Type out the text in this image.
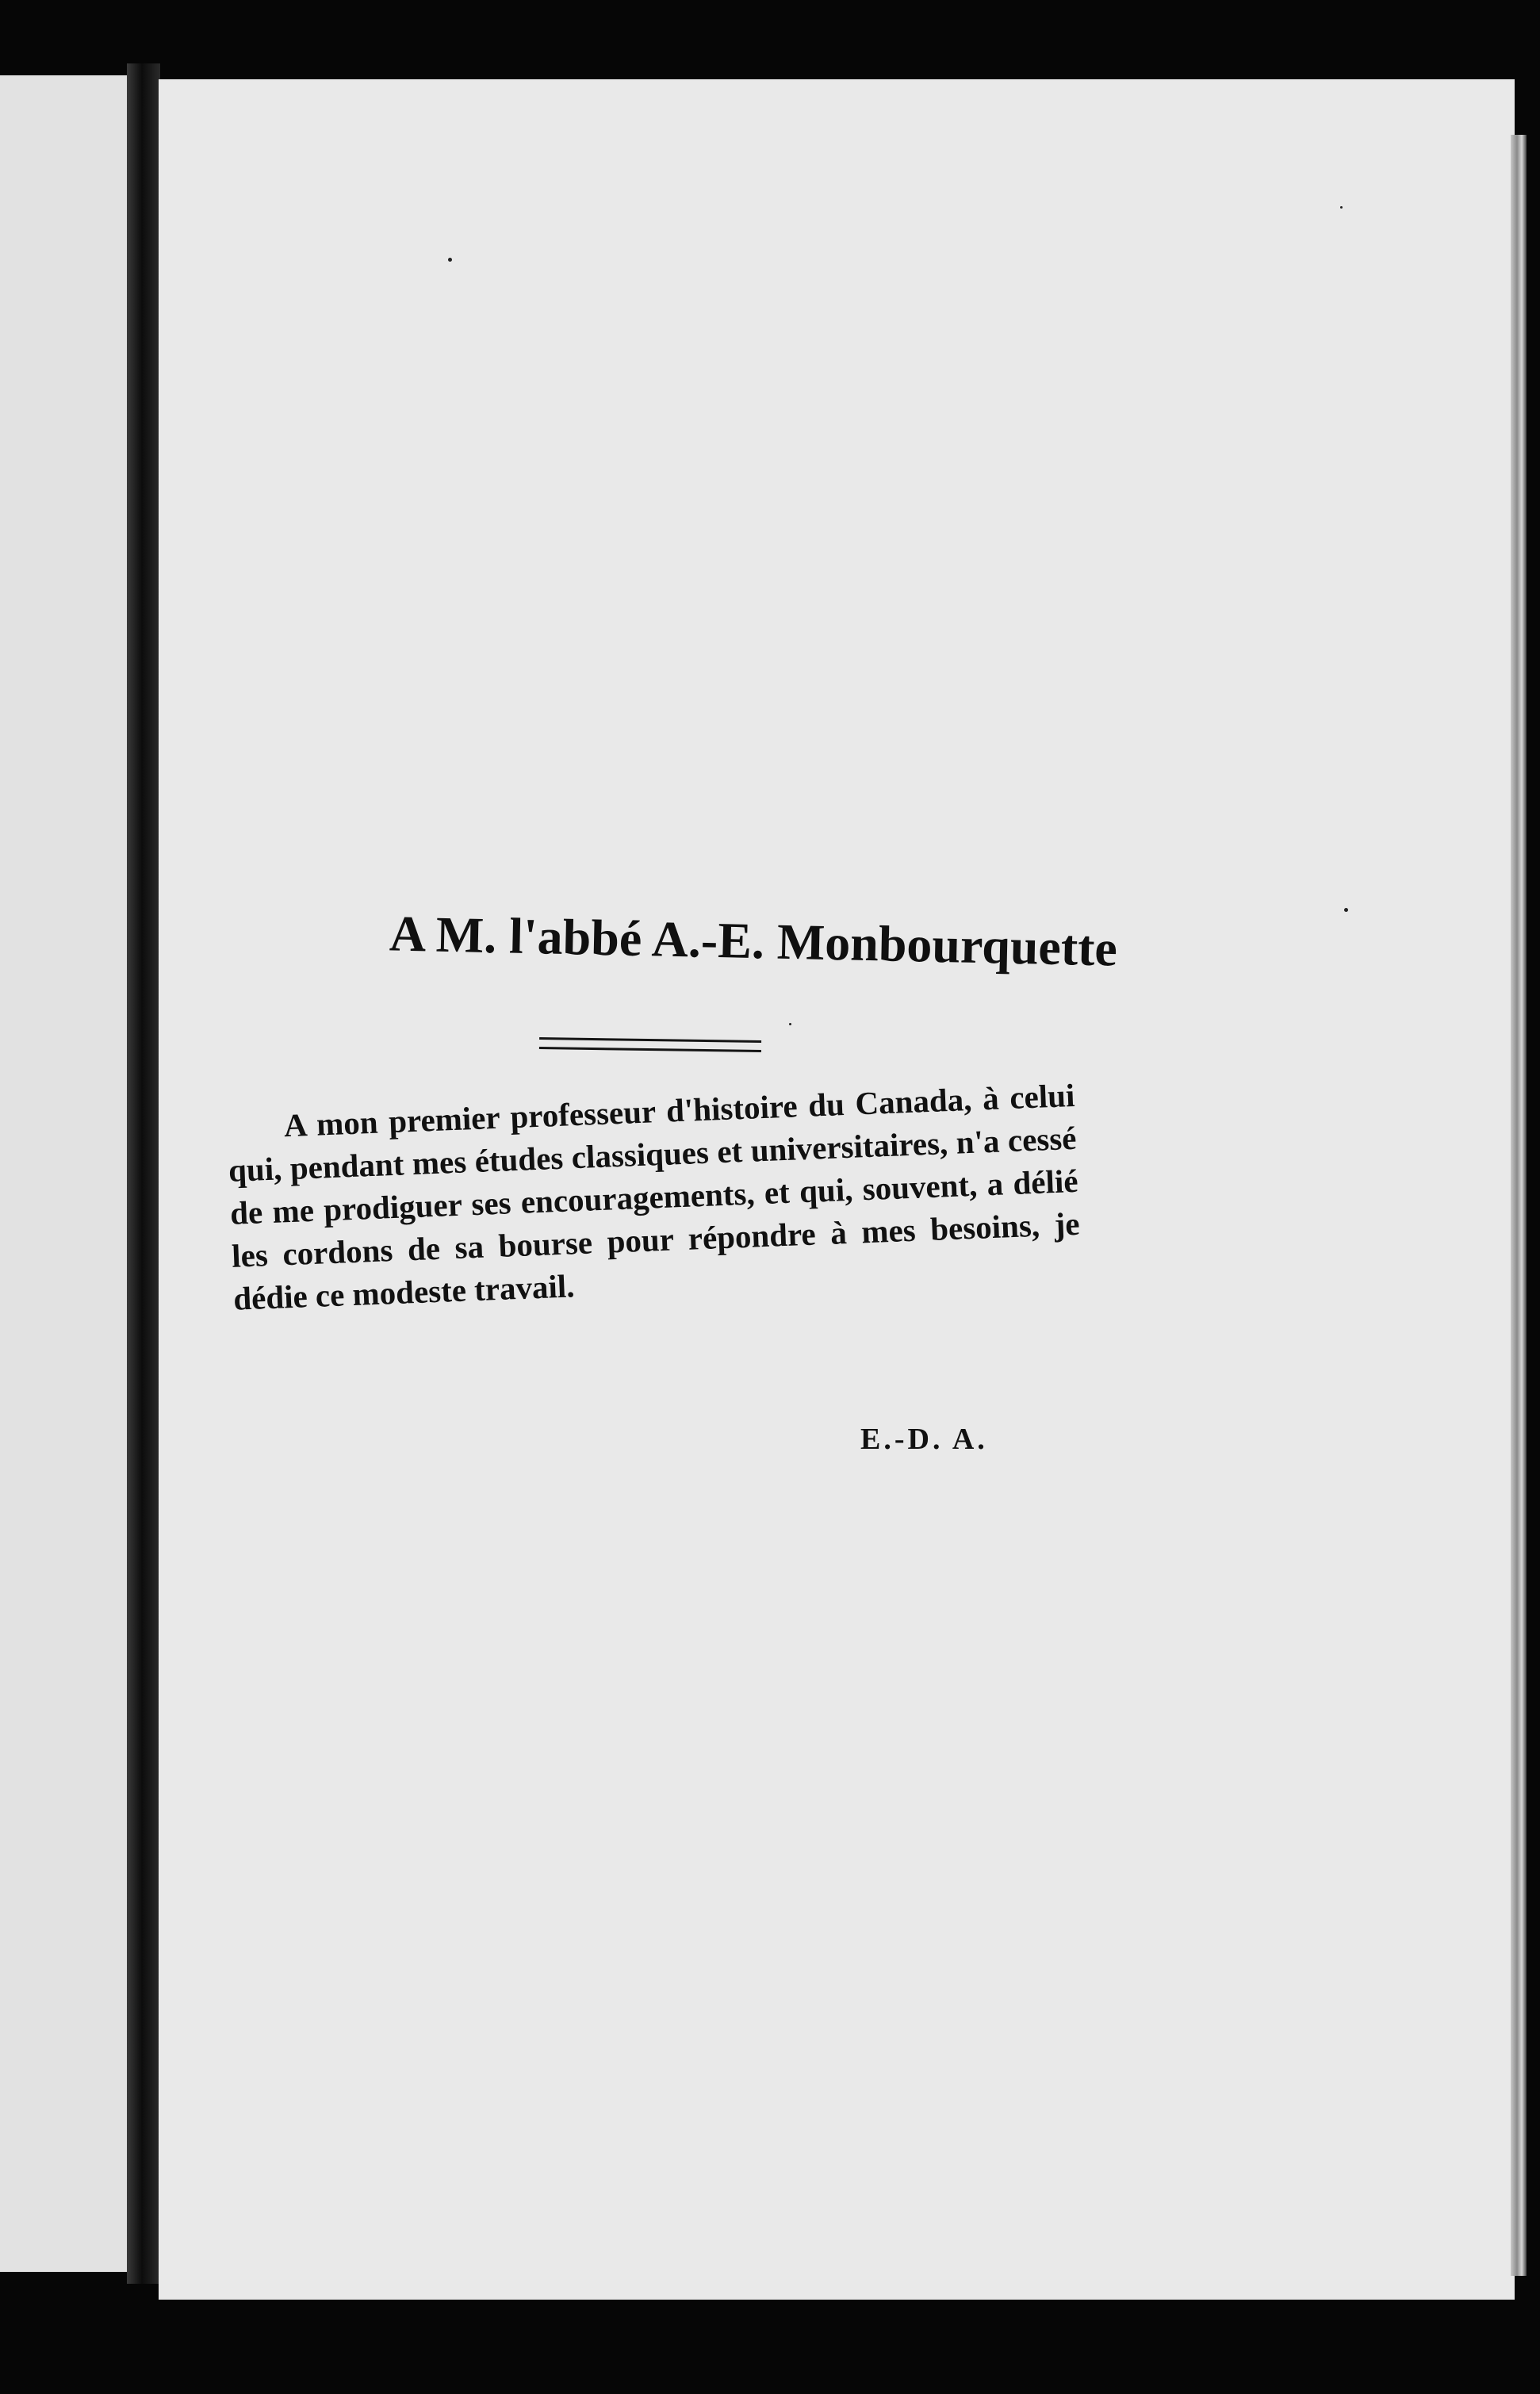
A M. l'abbé A.-E. Monbourquette

A mon premier professeur d'histoire du Canada, à celui qui, pendant mes études classiques et universitaires, n'a cessé de me prodiguer ses encouragements, et qui, souvent, a délié les cordons de sa bourse pour répondre à mes besoins, je dédie ce modeste travail.

E.-D. A.
